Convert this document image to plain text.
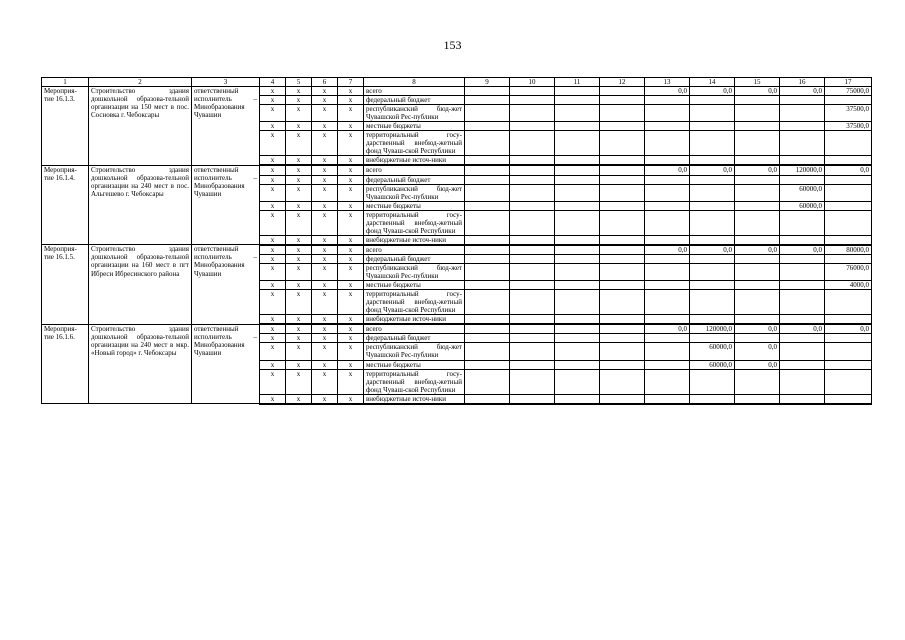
153
1	2	3	4	5	6	7	8	9	10	11	12	13	14	15	16	17
Мероприя-тие 16.1.3.	Строительство здания дошкольной образова-тельной организации на 150 мест в пос. Сосновка г. Чебоксары	ответственный исполнитель – Минобразования Чувашии	x	x	x	x	всего					0,0	0,0	0,0	0,0	75000,0
			x	x	x	x	федеральный бюджет									
			x	x	x	x	республиканский бюд-жет Чувашской Рес-публики									37500,0
			x	x	x	x	местные бюджеты									37500,0
			x	x	x	x	территориальный госу-дарственный внебюд-жетный фонд Чуваш-ской Республики									
			x	x	x	x	внебюджетные источ-ники									
Мероприя-тие 16.1.4.	Строительство здания дошкольной образова-тельной организации на 240 мест в пос. Альгешево г. Чебоксары	ответственный исполнитель – Минобразования Чувашии	x	x	x	x	всего					0,0	0,0	0,0	120000,0	0,0
			x	x	x	x	федеральный бюджет									
			x	x	x	x	республиканский бюд-жет Чувашской Рес-публики								60000,0	
			x	x	x	x	местные бюджеты								60000,0	
			x	x	x	x	территориальный госу-дарственный внебюд-жетный фонд Чуваш-ской Республики									
			x	x	x	x	внебюджетные источ-ники									
Мероприя-тие 16.1.5.	Строительство здания дошкольной образова-тельной организации на 160 мест в пгт Ибреси Ибресинского района	ответственный исполнитель – Минобразования Чувашии	x	x	x	x	всего					0,0	0,0	0,0	0,0	80000,0
			x	x	x	x	федеральный бюджет									
			x	x	x	x	республиканский бюд-жет Чувашской Рес-публики									76000,0
			x	x	x	x	местные бюджеты									4000,0
			x	x	x	x	территориальный госу-дарственный внебюд-жетный фонд Чуваш-ской Республики									
			x	x	x	x	внебюджетные источ-ники									
Мероприя-тие 16.1.6.	Строительство здания дошкольной образова-тельной организации на 240 мест в мкр. «Новый город» г. Чебоксары	ответственный исполнитель – Минобразования Чувашии	x	x	x	x	всего					0,0	120000,0	0,0	0,0	0,0
			x	x	x	x	федеральный бюджет									
			x	x	x	x	республиканский бюд-жет Чувашской Рес-публики						60000,0	0,0		
			x	x	x	x	местные бюджеты						60000,0	0,0		
			x	x	x	x	территориальный госу-дарственный внебюд-жетный фонд Чуваш-ской Республики									
			x	x	x	x	внебюджетные источ-ники									
